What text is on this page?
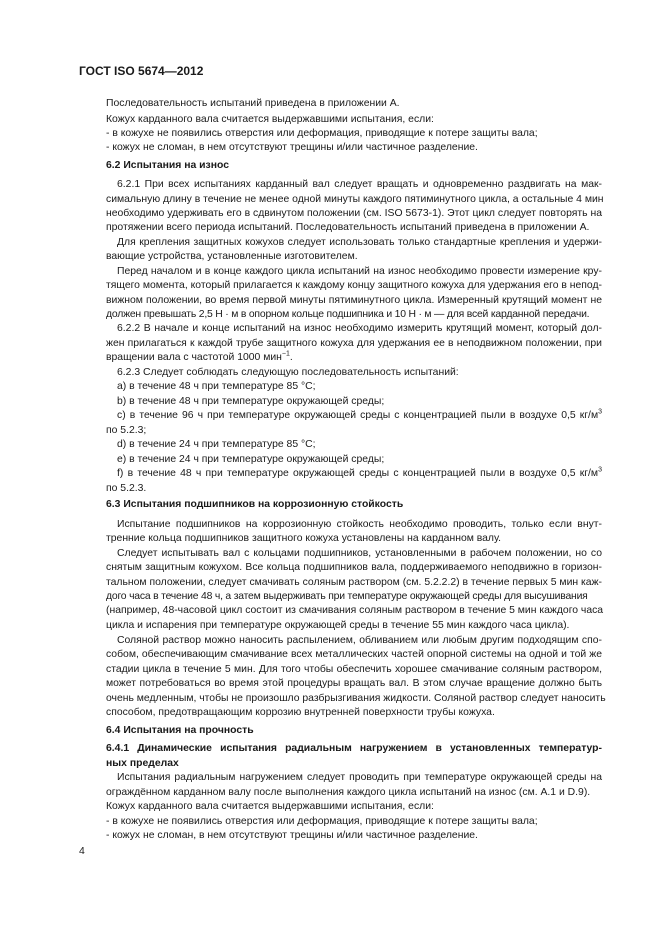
ГОСТ ISO 5674—2012
Последовательность испытаний приведена в приложении А.
Кожух карданного вала считается выдержавшими испытания, если:
- в кожухе не появились отверстия или деформация, приводящие к потере защиты вала;
- кожух не сломан, в нем отсутствуют трещины и/или частичное разделение.
6.2 Испытания на износ
6.2.1 При всех испытаниях карданный вал следует вращать и одновременно раздвигать на мак-
симальную длину в течение не менее одной минуты каждого пятиминутного цикла, а остальные 4 мин
необходимо удерживать его в сдвинутом положении (см. ISO 5673-1). Этот цикл следует повторять на
протяжении всего периода испытаний. Последовательность испытаний приведена в приложении А.
Для крепления защитных кожухов следует использовать только стандартные крепления и удержи-
вающие устройства, установленные изготовителем.
Перед началом и в конце каждого цикла испытаний на износ необходимо провести измерение кру-
тящего момента, который прилагается к каждому концу защитного кожуха для удержания его в непод-
вижном положении, во время первой минуты пятиминутного цикла. Измеренный крутящий момент не
должен превышать 2,5 Н · м в опорном кольце подшипника и 10 Н · м — для всей карданной передачи.
6.2.2 В начале и конце испытаний на износ необходимо измерить крутящий момент, который дол-
жен прилагаться к каждой трубе защитного кожуха для удержания ее в неподвижном положении, при
вращении вала с частотой 1000 мин$^{-1}$.
6.2.3 Следует соблюдать следующую последовательность испытаний:
a) в течение 48 ч при температуре 85 °C;
b) в течение 48 ч при температуре окружающей среды;
c) в течение 96 ч при температуре окружающей среды с концентрацией пыли в воздухе 0,5 $кг/м^3$
по 5.2.3;
d) в течение 24 ч при температуре 85 °C;
e) в течение 24 ч при температуре окружающей среды;
f) в течение 48 ч при температуре окружающей среды с концентрацией пыли в воздухе 0,5 $кг/м^3$
по 5.2.3.
6.3 Испытания подшипников на коррозионную стойкость
Испытание подшипников на коррозионную стойкость необходимо проводить, только если внут-
тренние кольца подшипников защитного кожуха установлены на карданном валу.
Следует испытывать вал с кольцами подшипников, установленными в рабочем положении, но со
снятым защитным кожухом. Все кольца подшипников вала, поддерживаемого неподвижно в горизон-
тальном положении, следует смачивать соляным раствором (см. 5.2.2.2) в течение первых 5 мин каж-
дого часа в течение 48 ч, а затем выдерживать при температуре окружающей среды для высушивания
(например, 48-часовой цикл состоит из смачивания соляным раствором в течение 5 мин каждого часа
цикла и испарения при температуре окружающей среды в течение 55 мин каждого часа цикла).
Соляной раствор можно наносить распылением, обливанием или любым другим подходящим спо-
собом, обеспечивающим смачивание всех металлических частей опорной системы на одной и той же
стадии цикла в течение 5 мин. Для того чтобы обеспечить хорошее смачивание соляным раствором,
может потребоваться во время этой процедуры вращать вал. В этом случае вращение должно быть
очень медленным, чтобы не произошло разбрызгивания жидкости. Соляной раствор следует наносить
способом, предотвращающим коррозию внутренней поверхности трубы кожуха.
6.4 Испытания на прочность
6.4.1 Динамические испытания радиальным нагружением в установленных температур-
ных пределах
Испытания радиальным нагружением следует проводить при температуре окружающей среды на
ограждённом карданном валу после выполнения каждого цикла испытаний на износ (см. А.1 и D.9).
Кожух карданного вала считается выдержавшими испытания, если:
- в кожухе не появились отверстия или деформация, приводящие к потере защиты вала;
- кожух не сломан, в нем отсутствуют трещины и/или частичное разделение.
4
